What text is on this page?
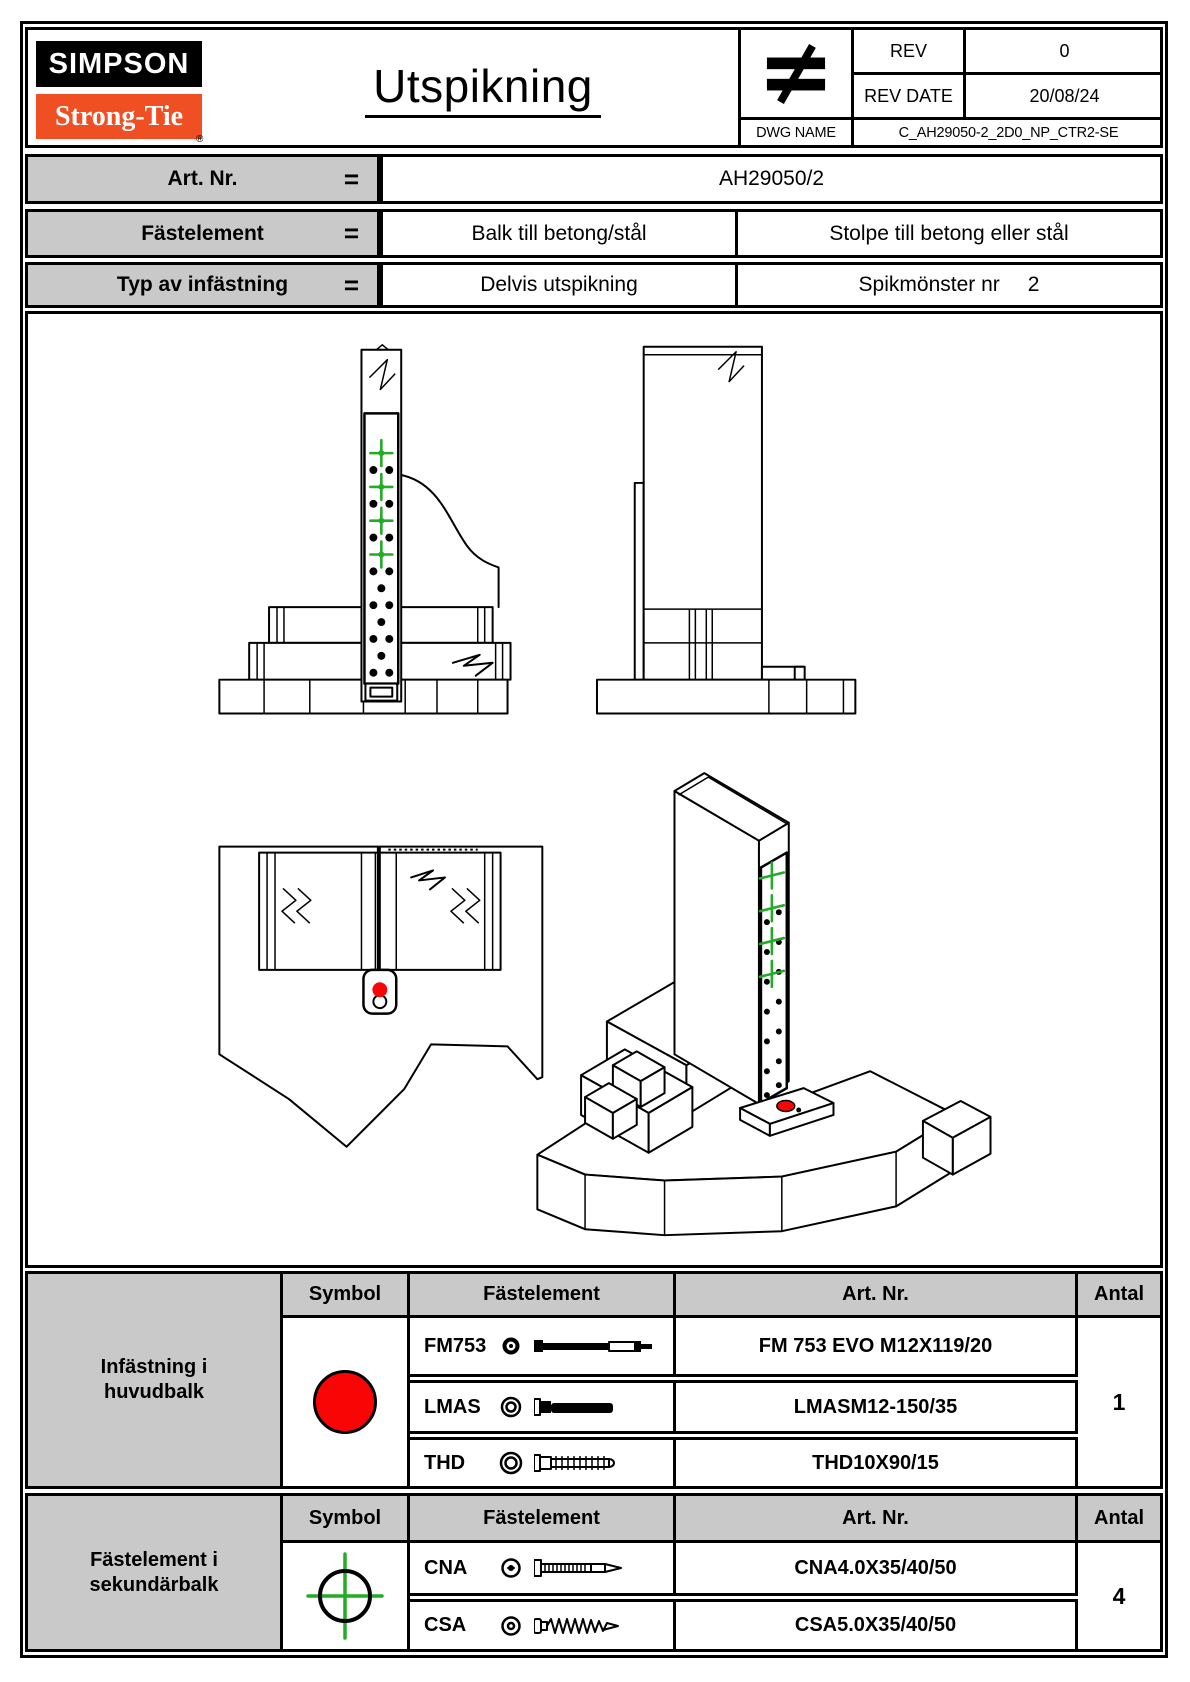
SIMPSON
Strong-Tie
®
Utspikning
REV	0
REV DATE	20/08/24
DWG NAME	C_AH29050-2_2D0_NP_CTR2-SE
Art. Nr.	=	AH29050/2
Fästelement	=	Balk till betong/stål	Stolpe till betong eller stål
Typ av infästning =	Delvis utspikning	Spikmönster nr 2
Infästning i
huvudbalk
Symbol	Fästelement	Art. Nr.	Antal
FM753	FM 753 EVO M12X119/20
LMAS	LMASM12-150/35
THD	THD10X90/15
1
Fästelement i
sekundärbalk
Symbol	Fästelement	Art. Nr.	Antal
CNA	CNA4.0X35/40/50
CSA	CSA5.0X35/40/50
4
